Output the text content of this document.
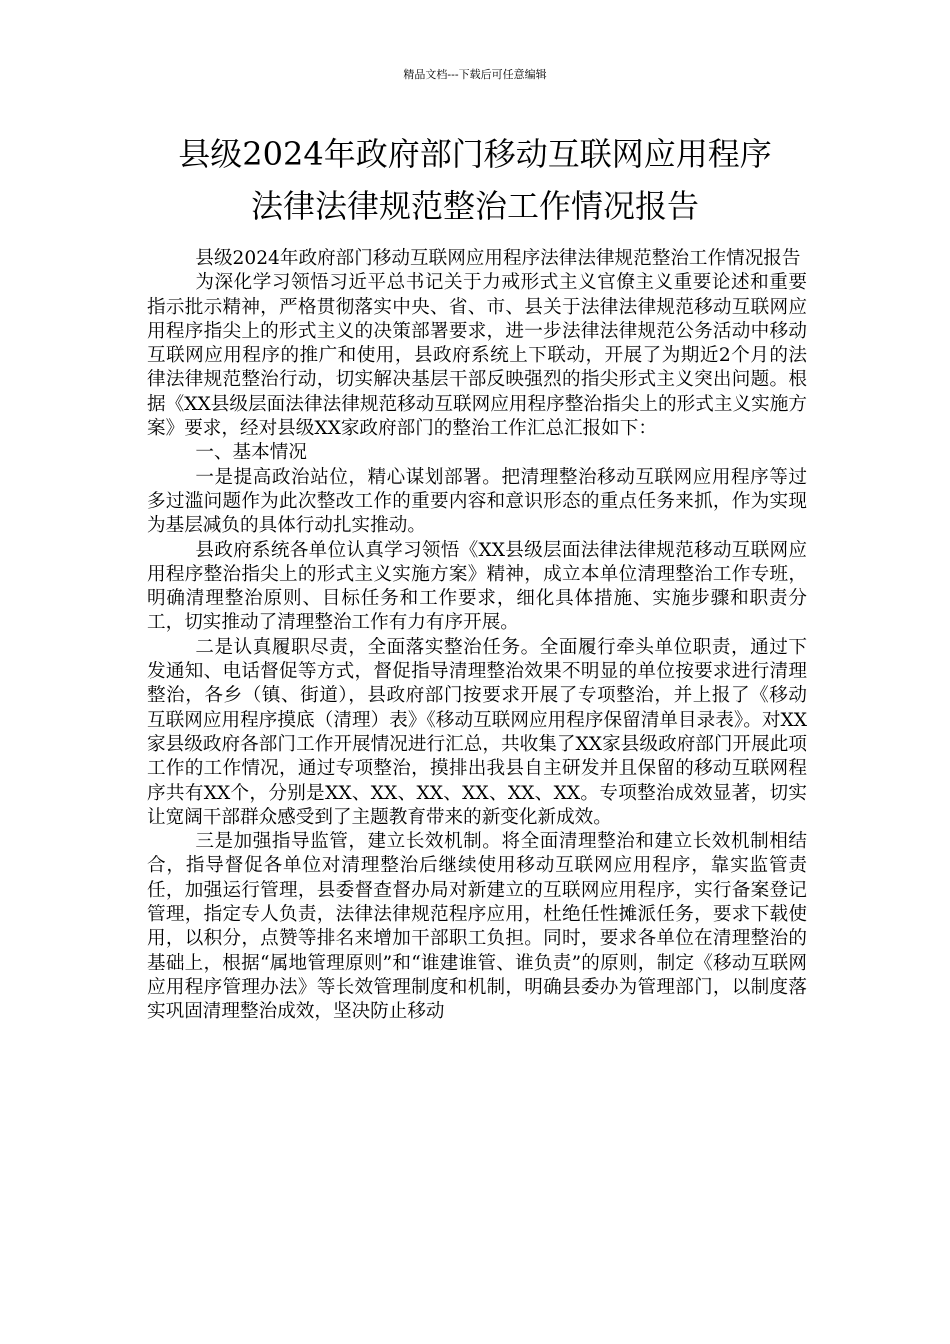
精品文档---下载后可任意编辑
县级2024年政府部门移动互联网应用程序
法律法律规范整治工作情况报告

县级2024年政府部门移动互联网应用程序法律法律规范整治工作情况报告

为深化学习领悟习近平总书记关于力戒形式主义官僚主义重要论述和重要指示批示精神，严格贯彻落实中央、省、市、县关于法律法律规范移动互联网应用程序指尖上的形式主义的决策部署要求，进一步法律法律规范公务活动中移动互联网应用程序的推广和使用，县政府系统上下联动，开展了为期近2个月的法律法律规范整治行动，切实解决基层干部反映强烈的指尖形式主义突出问题。根据《XX县级层面法律法律规范移动互联网应用程序整治指尖上的形式主义实施方案》要求，经对县级XX家政府部门的整治工作汇总汇报如下：

一、基本情况

一是提高政治站位，精心谋划部署。把清理整治移动互联网应用程序等过多过滥问题作为此次整改工作的重要内容和意识形态的重点任务来抓，作为实现为基层减负的具体行动扎实推动。

县政府系统各单位认真学习领悟《XX县级层面法律法律规范移动互联网应用程序整治指尖上的形式主义实施方案》精神，成立本单位清理整治工作专班，明确清理整治原则、目标任务和工作要求，细化具体措施、实施步骤和职责分工，切实推动了清理整治工作有力有序开展。

二是认真履职尽责，全面落实整治任务。全面履行牵头单位职责，通过下发通知、电话督促等方式，督促指导清理整治效果不明显的单位按要求进行清理整治，各乡（镇、街道），县政府部门按要求开展了专项整治，并上报了《移动互联网应用程序摸底（清理）表》《移动互联网应用程序保留清单目录表》。对XX家县级政府各部门工作开展情况进行汇总，共收集了XX家县级政府部门开展此项工作的工作情况，通过专项整治，摸排出我县自主研发并且保留的移动互联网程序共有XX个，分别是XX、XX、XX、XX、XX、XX。专项整治成效显著，切实让宽阔干部群众感受到了主题教育带来的新变化新成效。

三是加强指导监管，建立长效机制。将全面清理整治和建立长效机制相结合，指导督促各单位对清理整治后继续使用移动互联网应用程序，靠实监管责任，加强运行管理，县委督查督办局对新建立的互联网应用程序，实行备案登记管理，指定专人负责，法律法律规范程序应用，杜绝任性摊派任务，要求下载使用，以积分，点赞等排名来增加干部职工负担。同时，要求各单位在清理整治的基础上，根据“属地管理原则”和“谁建谁管、谁负责”的原则，制定《移动互联网应用程序管理办法》等长效管理制度和机制，明确县委办为管理部门，以制度落实巩固清理整治成效，坚决防止移动
